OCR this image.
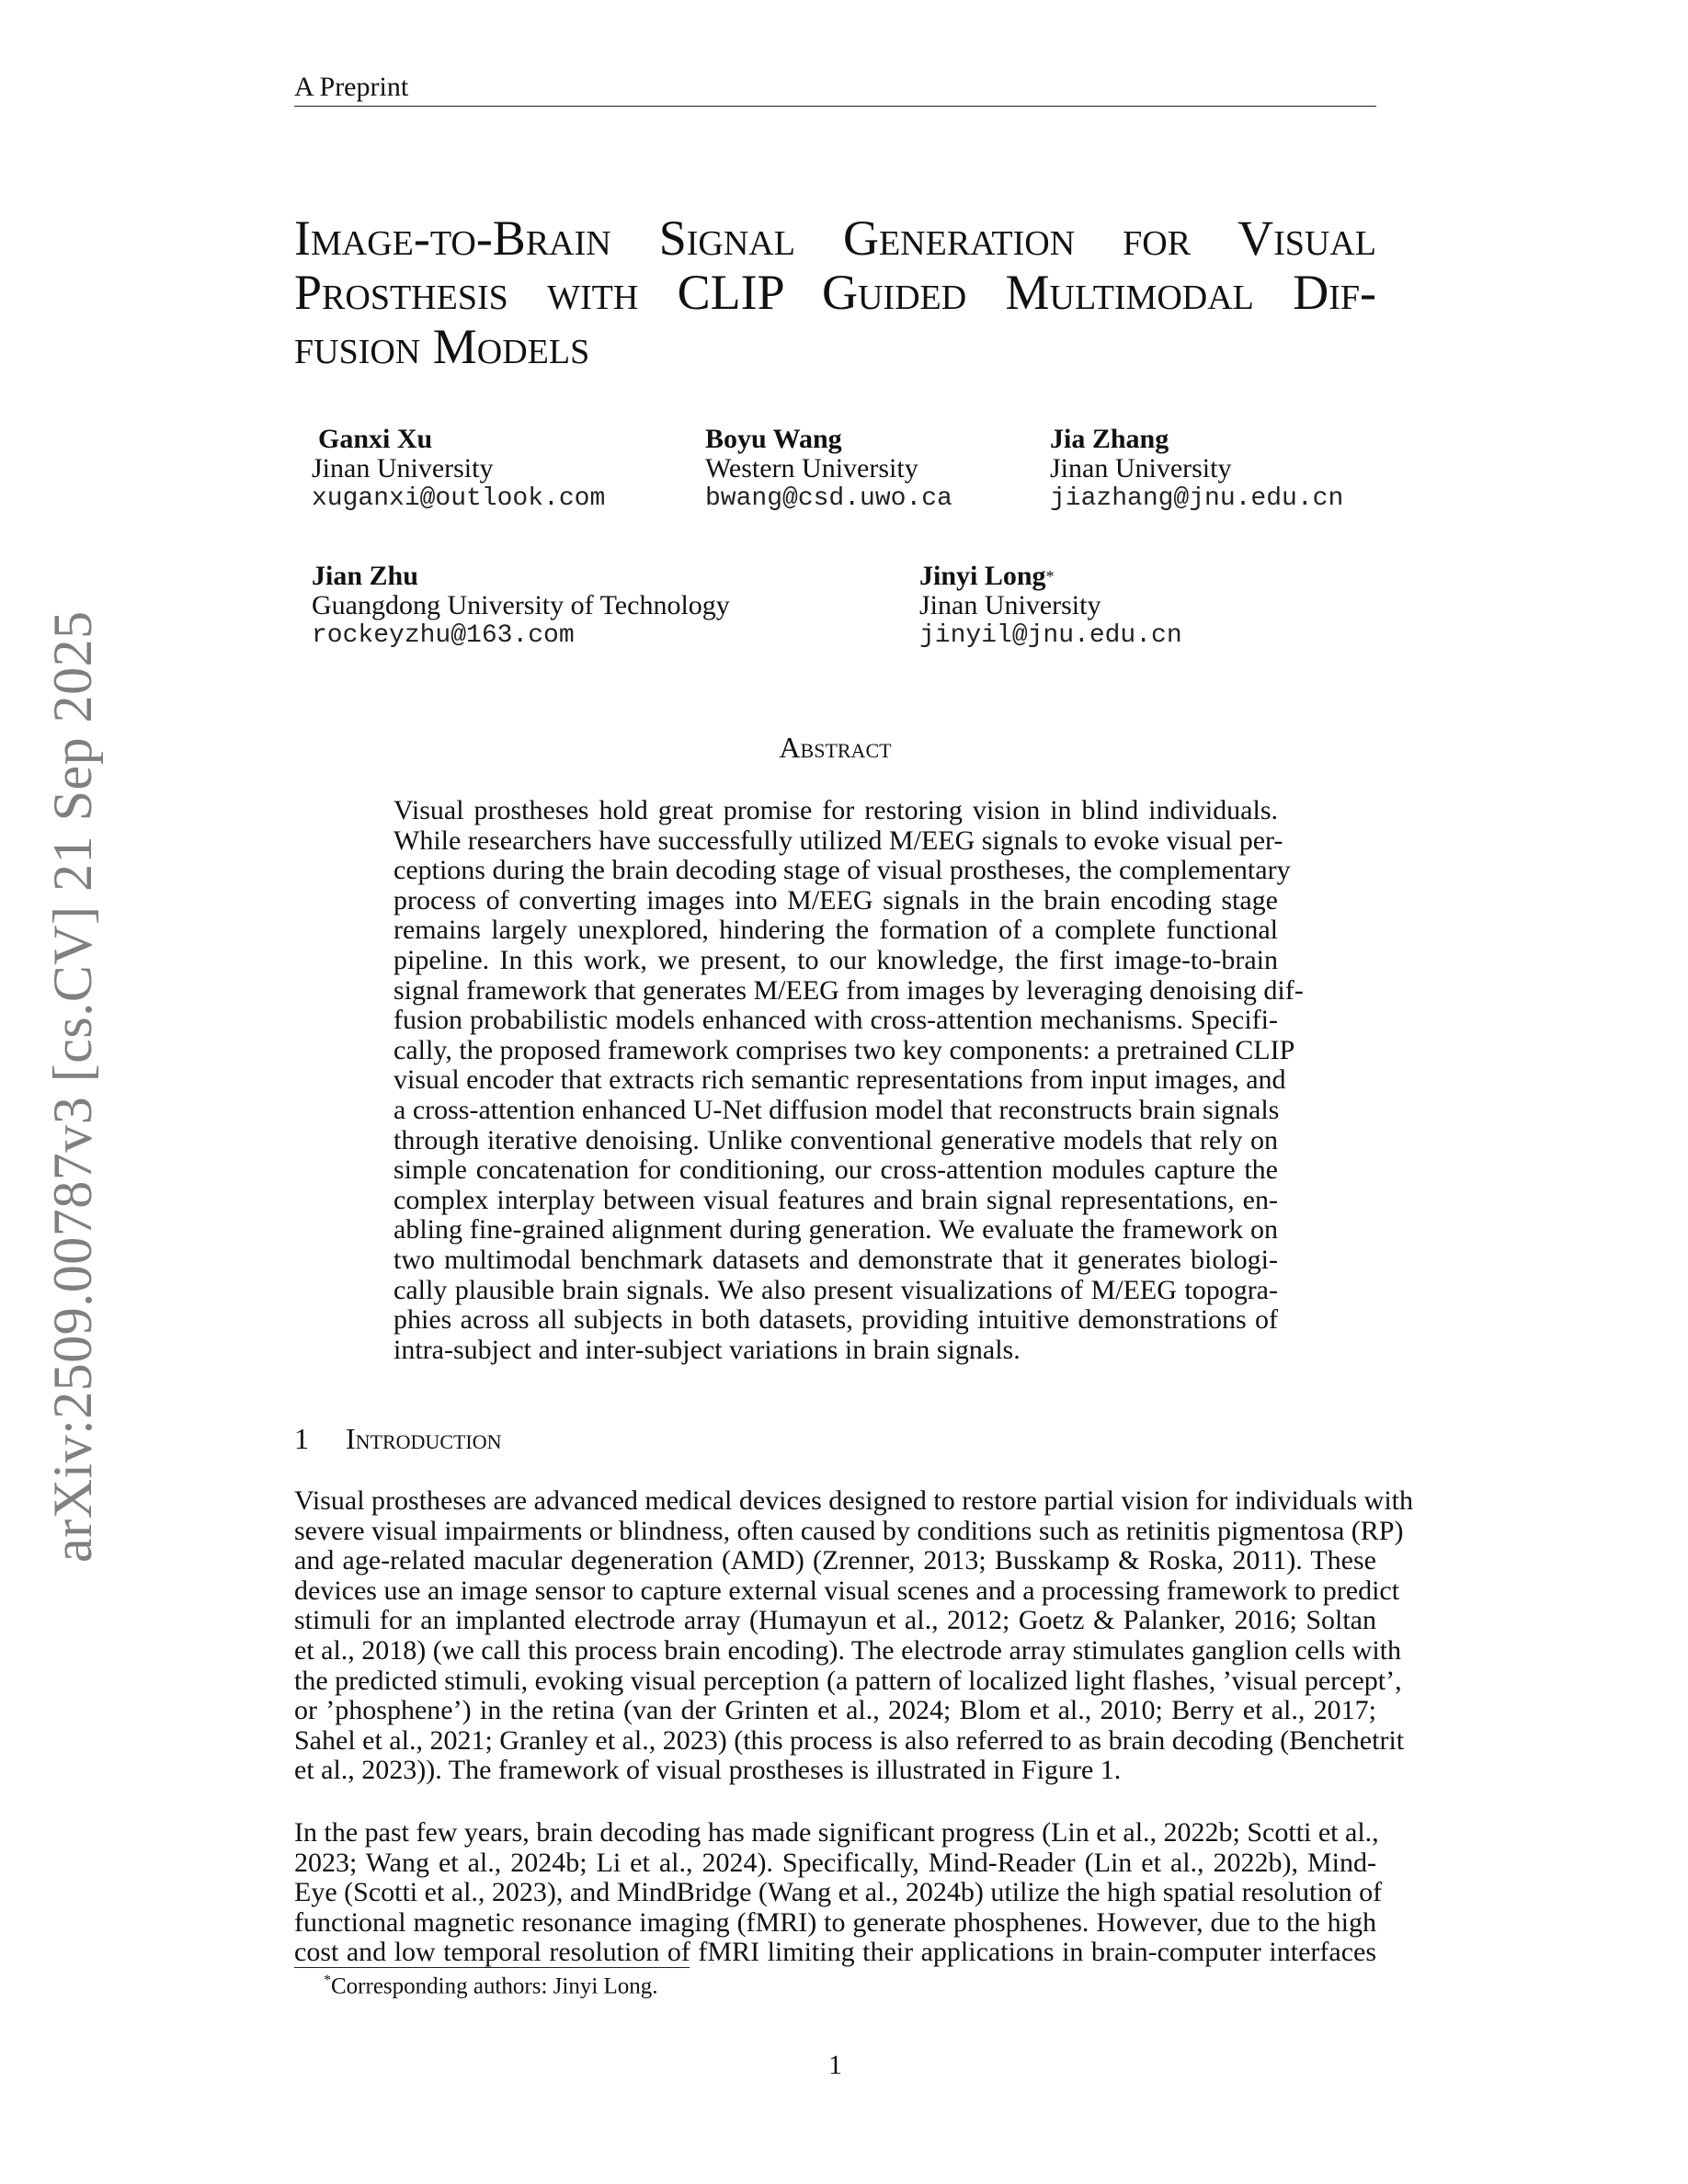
arXiv:2509.00787v3 [cs.CV] 21 Sep 2025
A Preprint
Image-to-Brain Signal Generation for Visual
Prosthesis with CLIP Guided Multimodal Dif-
fusion Models
Ganxi Xu
Jinan University
xuganxi@outlook.com
Boyu Wang
Western University
bwang@csd.uwo.ca
Jia Zhang
Jinan University
jiazhang@jnu.edu.cn
Jian Zhu
Guangdong University of Technology
rockeyzhu@163.com
Jinyi Long*
Jinan University
jinyil@jnu.edu.cn
Abstract
Visual prostheses hold great promise for restoring vision in blind individuals.
While researchers have successfully utilized M/EEG signals to evoke visual per-
ceptions during the brain decoding stage of visual prostheses, the complementary
process of converting images into M/EEG signals in the brain encoding stage
remains largely unexplored, hindering the formation of a complete functional
pipeline. In this work, we present, to our knowledge, the first image-to-brain
signal framework that generates M/EEG from images by leveraging denoising dif-
fusion probabilistic models enhanced with cross-attention mechanisms. Specifi-
cally, the proposed framework comprises two key components: a pretrained CLIP
visual encoder that extracts rich semantic representations from input images, and
a cross-attention enhanced U-Net diffusion model that reconstructs brain signals
through iterative denoising. Unlike conventional generative models that rely on
simple concatenation for conditioning, our cross-attention modules capture the
complex interplay between visual features and brain signal representations, en-
abling fine-grained alignment during generation. We evaluate the framework on
two multimodal benchmark datasets and demonstrate that it generates biologi-
cally plausible brain signals. We also present visualizations of M/EEG topogra-
phies across all subjects in both datasets, providing intuitive demonstrations of
intra-subject and inter-subject variations in brain signals.
1 Introduction
Visual prostheses are advanced medical devices designed to restore partial vision for individuals with
severe visual impairments or blindness, often caused by conditions such as retinitis pigmentosa (RP)
and age-related macular degeneration (AMD) (Zrenner, 2013; Busskamp & Roska, 2011). These
devices use an image sensor to capture external visual scenes and a processing framework to predict
stimuli for an implanted electrode array (Humayun et al., 2012; Goetz & Palanker, 2016; Soltan
et al., 2018) (we call this process brain encoding). The electrode array stimulates ganglion cells with
the predicted stimuli, evoking visual perception (a pattern of localized light flashes, ’visual percept’,
or ’phosphene’) in the retina (van der Grinten et al., 2024; Blom et al., 2010; Berry et al., 2017;
Sahel et al., 2021; Granley et al., 2023) (this process is also referred to as brain decoding (Benchetrit
et al., 2023)). The framework of visual prostheses is illustrated in Figure 1.
In the past few years, brain decoding has made significant progress (Lin et al., 2022b; Scotti et al.,
2023; Wang et al., 2024b; Li et al., 2024). Specifically, Mind-Reader (Lin et al., 2022b), Mind-
Eye (Scotti et al., 2023), and MindBridge (Wang et al., 2024b) utilize the high spatial resolution of
functional magnetic resonance imaging (fMRI) to generate phosphenes. However, due to the high
cost and low temporal resolution of fMRI limiting their applications in brain-computer interfaces
*Corresponding authors: Jinyi Long.
1
